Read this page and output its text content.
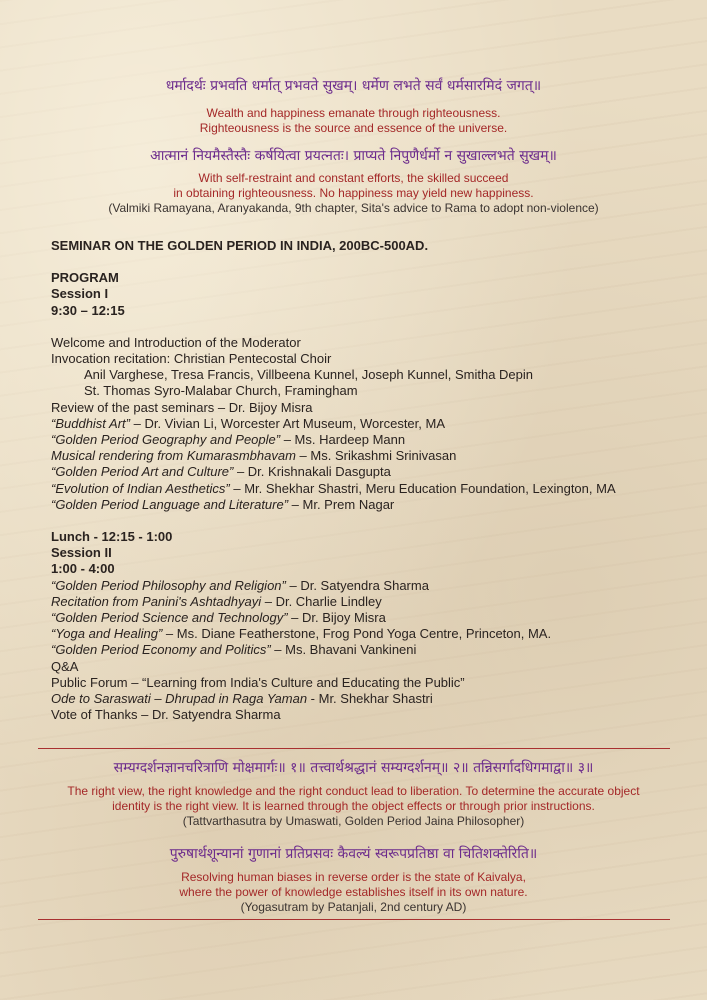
धर्मादर्थः प्रभवति धर्मात् प्रभवते सुखम्। धर्मेण लभते सर्वं धर्मसारमिदं जगत्॥
Wealth and happiness emanate through righteousness.
Righteousness is the source and essence of the universe.
आत्मानं नियमैस्तैस्तैः कर्षयित्वा प्रयत्नतः। प्राप्यते निपुणैर्धर्मो न सुखाल्लभते सुखम्॥
With self-restraint and constant efforts, the skilled succeed
in obtaining righteousness. No happiness may yield new happiness.
(Valmiki Ramayana, Aranyakanda, 9th chapter, Sita's advice to Rama to adopt non-violence)
SEMINAR ON THE GOLDEN PERIOD IN INDIA, 200BC-500AD.
PROGRAM
Session I
9:30 – 12:15
Welcome and Introduction of the Moderator
Invocation recitation: Christian Pentecostal Choir
Anil Varghese, Tresa Francis, Villbeena Kunnel, Joseph Kunnel, Smitha Depin
St. Thomas Syro-Malabar Church, Framingham
Review of the past seminars – Dr. Bijoy Misra
“Buddhist Art” – Dr. Vivian Li, Worcester Art Museum, Worcester, MA
“Golden Period Geography and People” – Ms. Hardeep Mann
Musical rendering from Kumarasmbhavam – Ms. Srikashmi Srinivasan
“Golden Period Art and Culture” – Dr. Krishnakali Dasgupta
“Evolution of Indian Aesthetics” – Mr. Shekhar Shastri, Meru Education Foundation, Lexington, MA
“Golden Period Language and Literature” – Mr. Prem Nagar
Lunch - 12:15 - 1:00
Session II
1:00 - 4:00
“Golden Period Philosophy and Religion” – Dr. Satyendra Sharma
Recitation from Panini's Ashtadhyayi – Dr. Charlie Lindley
“Golden Period Science and Technology” – Dr. Bijoy Misra
“Yoga and Healing” – Ms. Diane Featherstone, Frog Pond Yoga Centre, Princeton, MA.
“Golden Period Economy and Politics” – Ms. Bhavani Vankineni
Q&A
Public Forum – “Learning from India's Culture and Educating the Public”
Ode to Saraswati – Dhrupad in Raga Yaman - Mr. Shekhar Shastri
Vote of Thanks – Dr. Satyendra Sharma
सम्यग्दर्शनज्ञानचरित्राणि मोक्षमार्गः॥ १॥ तत्त्वार्थश्रद्धानं सम्यग्दर्शनम्॥ २॥ तन्निसर्गादधिगमाद्वा॥ ३॥
The right view, the right knowledge and the right conduct lead to liberation. To determine the accurate object
identity is the right view. It is learned through the object effects or through prior instructions.
(Tattvarthasutra by Umaswati, Golden Period Jaina Philosopher)
पुरुषार्थशून्यानां गुणानां प्रतिप्रसवः कैवल्यं स्वरूपप्रतिष्ठा वा चितिशक्तेरिति॥
Resolving human biases in reverse order is the state of Kaivalya,
where the power of knowledge establishes itself in its own nature.
(Yogasutram by Patanjali, 2nd century AD)
